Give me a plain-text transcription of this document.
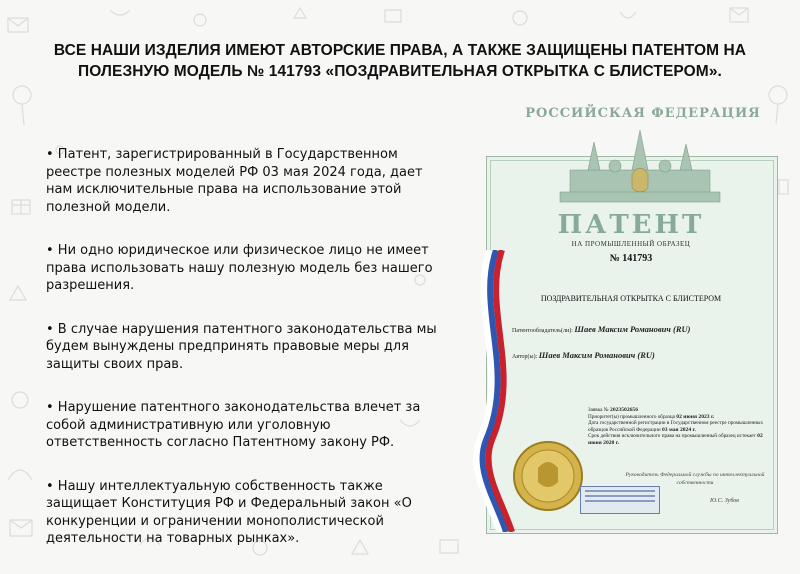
ВСЕ НАШИ ИЗДЕЛИЯ ИМЕЮТ АВТОРСКИЕ ПРАВА, А ТАКЖЕ ЗАЩИЩЕНЫ ПАТЕНТОМ НА ПОЛЕЗНУЮ МОДЕЛЬ № 141793 «ПОЗДРАВИТЕЛЬНАЯ ОТКРЫТКА С БЛИСТЕРОМ».

• Патент, зарегистрированный в Государственном реестре полезных моделей РФ 03 мая 2024 года, дает нам исключительные права на использование этой полезной модели.

• Ни одно юридическое или физическое лицо не имеет права использовать нашу полезную модель без нашего разрешения.

• В случае нарушения патентного законодательства мы будем вынуждены предпринять правовые меры для защиты своих прав.

• Нарушение патентного законодательства влечет за собой административную или уголовную ответственность согласно Патентному закону РФ.

• Нашу интеллектуальную собственность также защищает Конституция РФ и Федеральный закон «О конкуренции и ограничении монополистической деятельности на товарных рынках».

РОССИЙСКАЯ ФЕДЕРАЦИЯ
ПАТЕНТ
НА ПРОМЫШЛЕННЫЙ ОБРАЗЕЦ
№ 141793
ПОЗДРАВИТЕЛЬНАЯ ОТКРЫТКА С БЛИСТЕРОМ
Патентообладатель(ли): Шаев Максим Романович (RU)
Автор(ы): Шаев Максим Романович (RU)
Заявка № 2023502656
Приоритет(ы) промышленного образца 02 июня 2023 г.
Дата государственной регистрации в Государственном реестре промышленных образцов Российской Федерации 03 мая 2024 г.
Срок действия исключительного права на промышленный образец истекает 02 июня 2028 г.
Руководитель Федеральной службы по интеллектуальной собственности
Ю.С. Зубов
